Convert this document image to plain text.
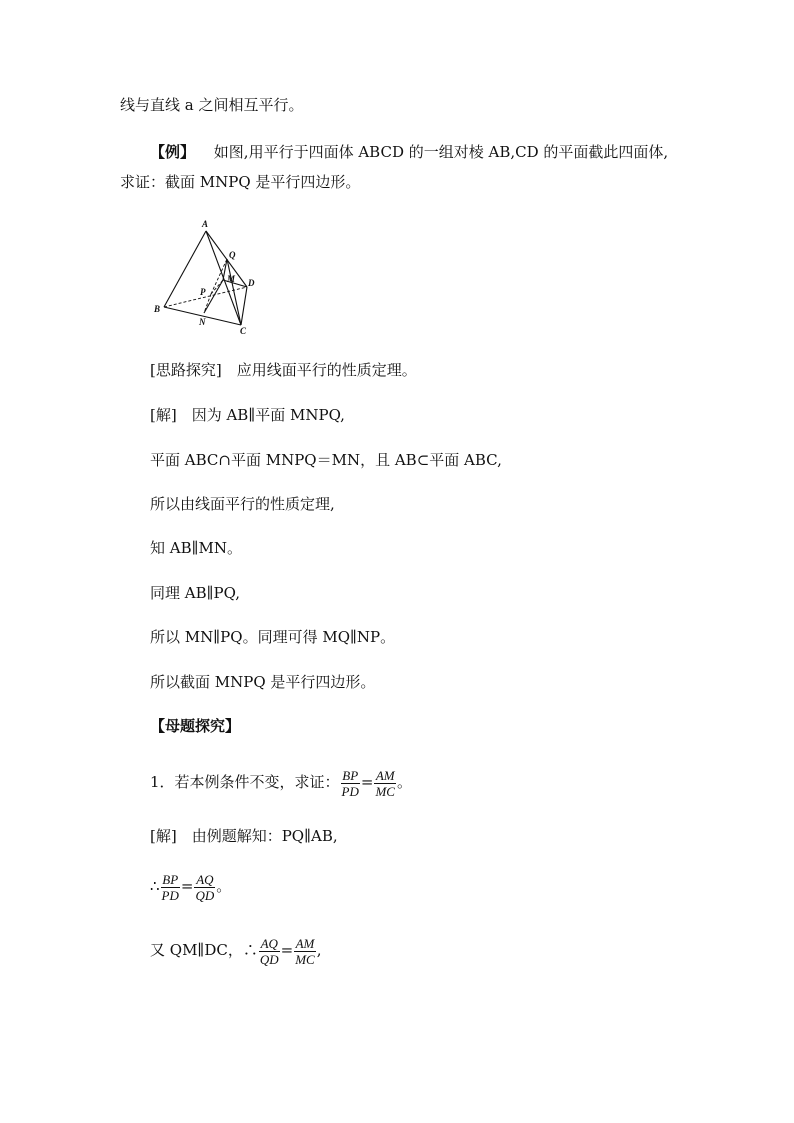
线与直线 a 之间相互平行。
【例】 如图,用平行于四面体 ABCD 的一组对棱 AB,CD 的平面截此四面体,
求证：截面 MNPQ 是平行四边形。
A
B
C
D
M
N
P
Q
[思路探究]　应用线面平行的性质定理。
[解]　因为 AB∥平面 MNPQ,
平面 ABC∩平面 MNPQ＝MN，且 AB⊂平面 ABC,
所以由线面平行的性质定理,
知 AB∥MN。
同理 AB∥PQ,
所以 MN∥PQ。同理可得 MQ∥NP。
所以截面 MNPQ 是平行四边形。
【母题探究】
1．若本例条件不变，求证： $\frac{BP}{PD} = \frac{AM}{MC}$ 。
[解]　由例题解知：PQ∥AB,
∴ $\frac{BP}{PD} = \frac{AQ}{QD}$ 。
又 QM∥DC，∴ $\frac{AQ}{QD} = \frac{AM}{MC}$ ,
